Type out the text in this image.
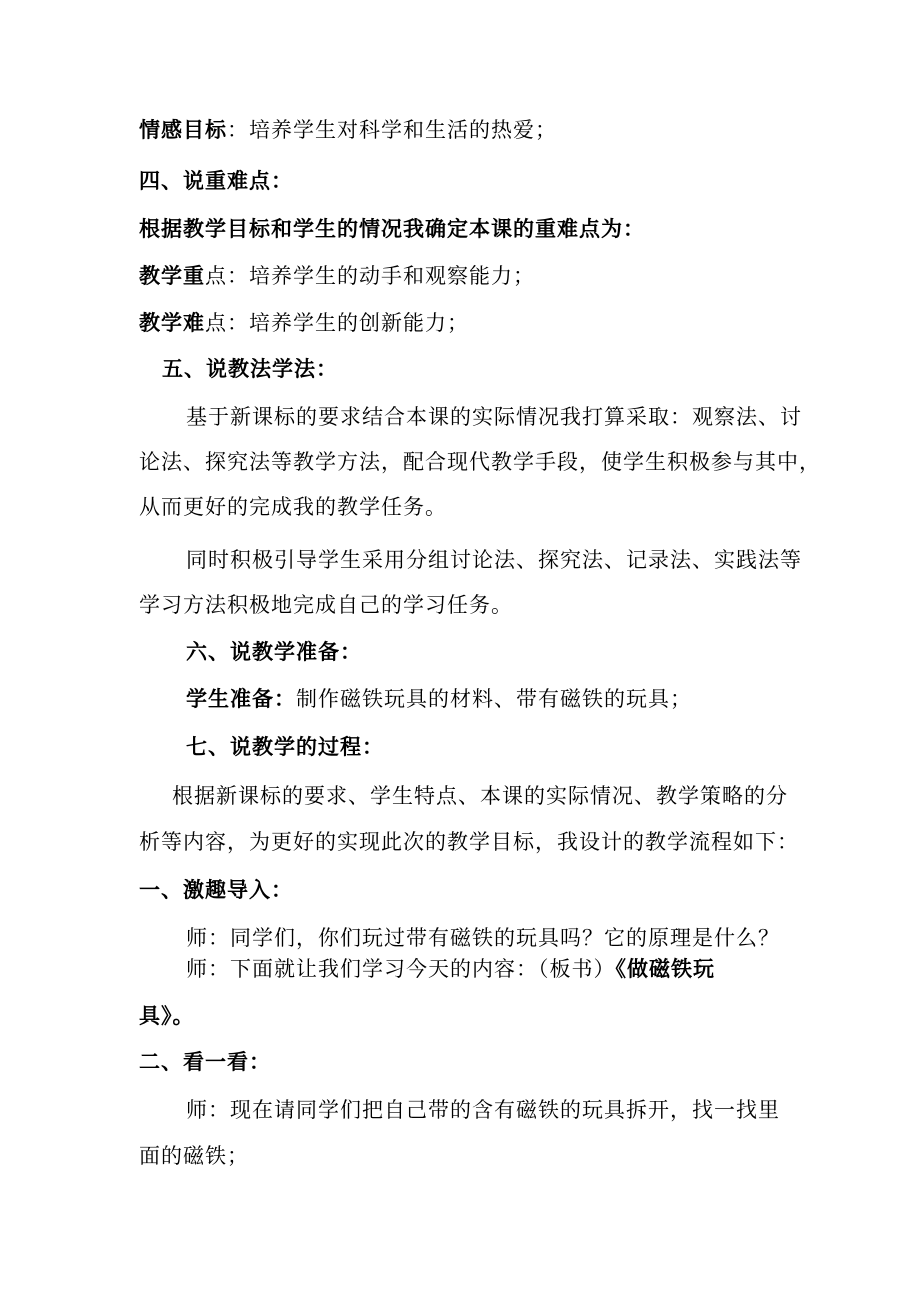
情感目标：培养学生对科学和生活的热爱；
四、说重难点：
根据教学目标和学生的情况我确定本课的重难点为：
教学重点：培养学生的动手和观察能力；
教学难点：培养学生的创新能力；
五、说教法学法：
基于新课标的要求结合本课的实际情况我打算采取：观察法、讨
论法、探究法等教学方法，配合现代教学手段，使学生积极参与其中，
从而更好的完成我的教学任务。
同时积极引导学生采用分组讨论法、探究法、记录法、实践法等
学习方法积极地完成自己的学习任务。
六、说教学准备：
学生准备：制作磁铁玩具的材料、带有磁铁的玩具；
七、说教学的过程：
根据新课标的要求、学生特点、本课的实际情况、教学策略的分
析等内容，为更好的实现此次的教学目标，我设计的教学流程如下：
一、激趣导入：
师：同学们，你们玩过带有磁铁的玩具吗？它的原理是什么？
师：下面就让我们学习今天的内容：（板书）《做磁铁玩
具》。
二、看一看：
师：现在请同学们把自己带的含有磁铁的玩具拆开，找一找里
面的磁铁；
